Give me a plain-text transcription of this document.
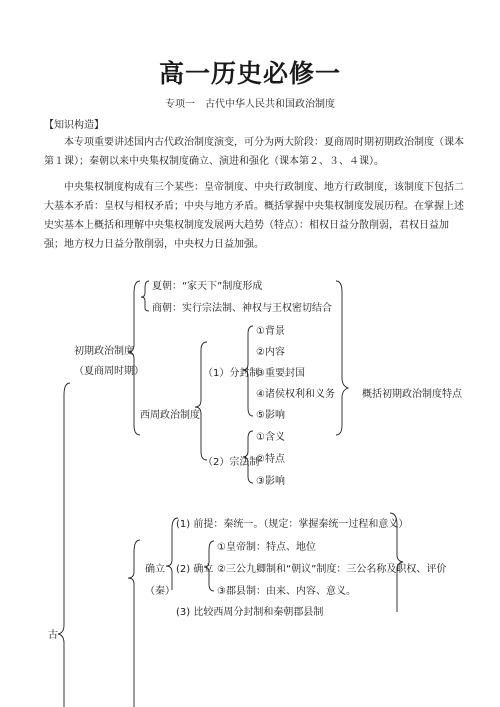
高一历史必修一
专项一　古代中华人民共和国政治制度
【知识构造】

本专项重要讲述国内古代政治制度演变，可分为两大阶段：夏商周时期初期政治制度（课本第１课）；秦朝以来中央集权制度确立、演进和强化（课本第２、３、４课）。

中央集权制度构成有三个某些：皇帝制度、中央行政制度、地方行政制度，该制度下包括二大基本矛盾：皇权与相权矛盾；中央与地方矛盾。概括掌握中央集权制度发展历程。在掌握上述史实基本上概括和理解中央集权制度发展两大趋势（特点）：相权日益分散削弱，君权日益加强；地方权力日益分散削弱，中央权力日益加强。

初期政治制度
（夏商周时期）
夏朝：“家天下”制度形成
商朝：实行宗法制、神权与王权密切结合
西周政治制度
（1）分封制
①背景
②内容
③重要封国
④诸侯权利和义务
⑤影响
（2）宗法制
①含义
②特点
③影响
概括初期政治制度特点
确立
（秦）
(1) 前提：秦统一。（规定：掌握秦统一过程和意义）
(2) 确立
①皇帝制：特点、地位
②三公九卿制和“朝议”制度：三公名称及职权、评价
③郡县制：由来、内容、意义。
(3) 比较西周分封制和秦朝郡县制
古
